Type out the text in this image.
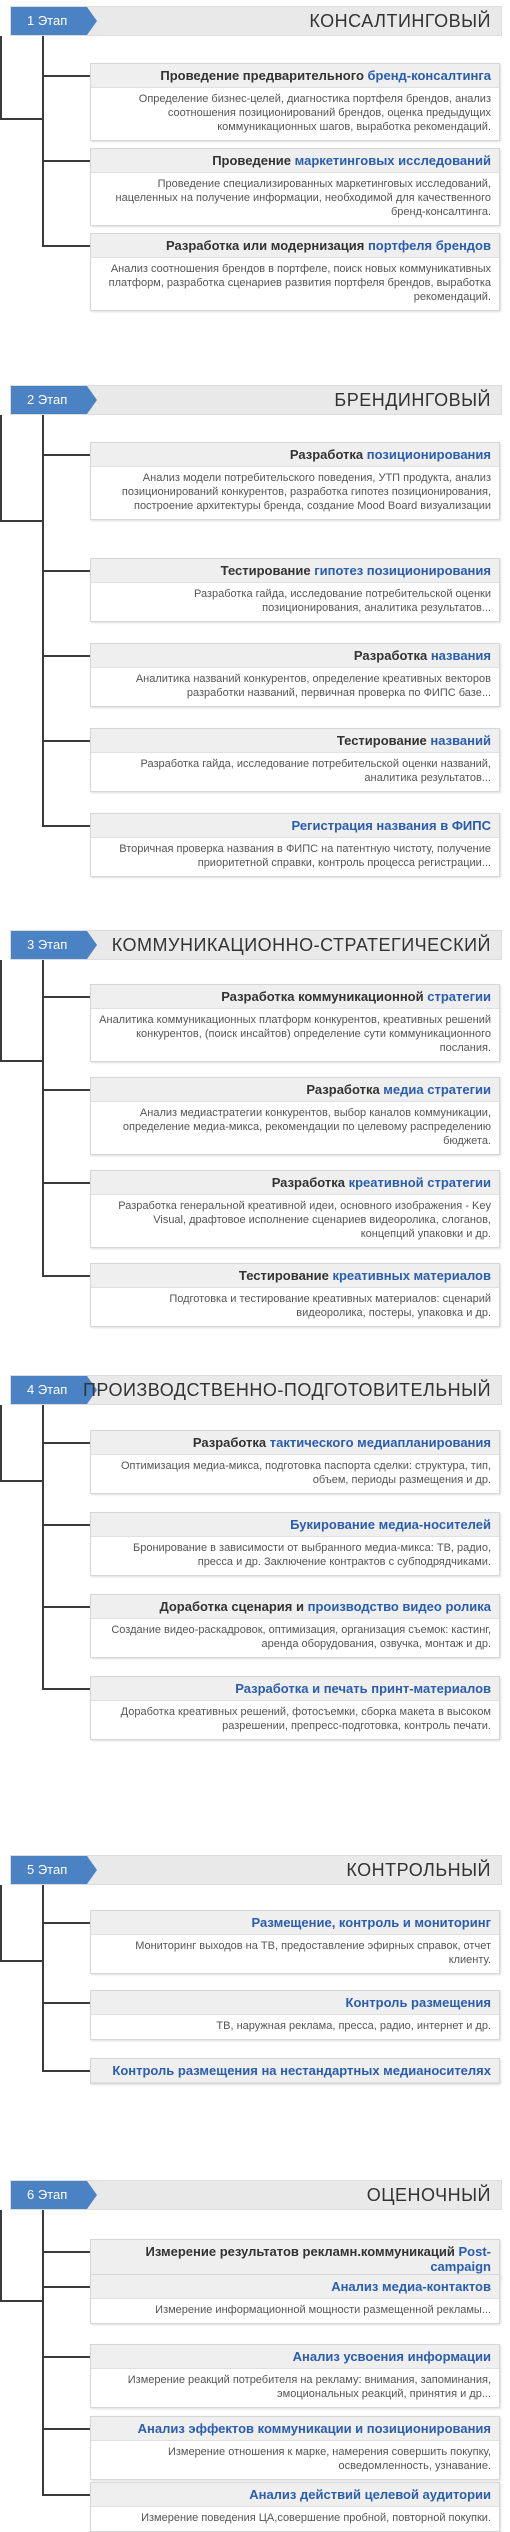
1 Этап	КОНСАЛТИНГОВЫЙ
Проведение предварительного бренд-консалтинга
Определение бизнес-целей, диагностика портфеля брендов, анализ соотношения позиционирований брендов, оценка предыдущих коммуникационных шагов, выработка рекомендаций.
Проведение маркетинговых исследований
Проведение специализированных маркетинговых исследований, нацеленных на получение информации, необходимой для качественного бренд-консалтинга.
Разработка или модернизация портфеля брендов
Анализ соотношения брендов в портфеле, поиск новых коммуникативных платформ, разработка сценариев развития портфеля брендов, выработка рекомендаций.
2 Этап	БРЕНДИНГОВЫЙ
Разработка позиционирования
Анализ модели потребительского поведения, УТП продукта, анализ позиционирований конкурентов, разработка гипотез позиционирования, построение архитектуры бренда, создание Mood Board визуализации
Тестирование гипотез позиционирования
Разработка гайда, исследование потребительской оценки позиционирования, аналитика результатов...
Разработка названия
Аналитика названий конкурентов, определение креативных векторов разработки названий, первичная проверка по ФИПС базе...
Тестирование названий
Разработка гайда, исследование потребительской оценки названий, аналитика результатов...
Регистрация названия в ФИПС
Вторичная проверка названия в ФИПС на патентную чистоту, получение приоритетной справки, контроль процесса регистрации...
3 Этап	КОММУНИКАЦИОННО-СТРАТЕГИЧЕСКИЙ
Разработка коммуникационной стратегии
Аналитика коммуникационных платформ конкурентов, креативных решений конкурентов, (поиск инсайтов) определение сути коммуникационного послания.
Разработка медиа стратегии
Анализ медиастратегии конкурентов, выбор каналов коммуникации, определение медиа-микса, рекомендации по целевому распределению бюджета.
Разработка креативной стратегии
Разработка генеральной креативной идеи, основного изображения - Key Visual, драфтовое исполнение сценариев видеоролика, слоганов, концепций упаковки и др.
Тестирование креативных материалов
Подготовка и тестирование креативных материалов: сценарий видеоролика, постеры, упаковка и др.
4 Этап ПРОИЗВОДСТВЕННО-ПОДГОТОВИТЕЛЬНЫЙ
Разработка тактического медиапланирования
Оптимизация медиа-микса, подготовка паспорта сделки: структура, тип, объем, периоды размещения и др.
Букирование медиа-носителей
Бронирование в зависимости от выбранного медиа-микса: ТВ, радио, пресса и др. Заключение контрактов с субподрядчиками.
Доработка сценария и производство видео ролика
Создание видео-раскадровок, оптимизация, организация съемок: кастинг, аренда оборудования, озвучка, монтаж и др.
Разработка и печать принт-материалов
Доработка креативных решений, фотосъемки, сборка макета в высоком разрешении, препресс-подготовка, контроль печати.
5 Этап	КОНТРОЛЬНЫЙ
Размещение, контроль и мониторинг
Мониторинг выходов на ТВ, предоставление эфирных справок, отчет клиенту.
Контроль размещения
ТВ, наружная реклама, пресса, радио, интернет и др.
Контроль размещения на нестандартных медианосителях
6 Этап	ОЦЕНОЧНЫЙ
Измерение результатов рекламн.коммуникаций Post-campaign
Анализ медиа-контактов
Измерение информационной мощности размещенной рекламы...
Анализ усвоения информации
Измерение реакций потребителя на рекламу: внимания, запоминания, эмоциональных реакций, принятия и др...
Анализ эффектов коммуникации и позиционирования
Измерение отношения к марке, намерения совершить покупку, осведомленность, узнавание.
Анализ действий целевой аудитории
Измерение поведения ЦА,совершение пробной, повторной покупки.
